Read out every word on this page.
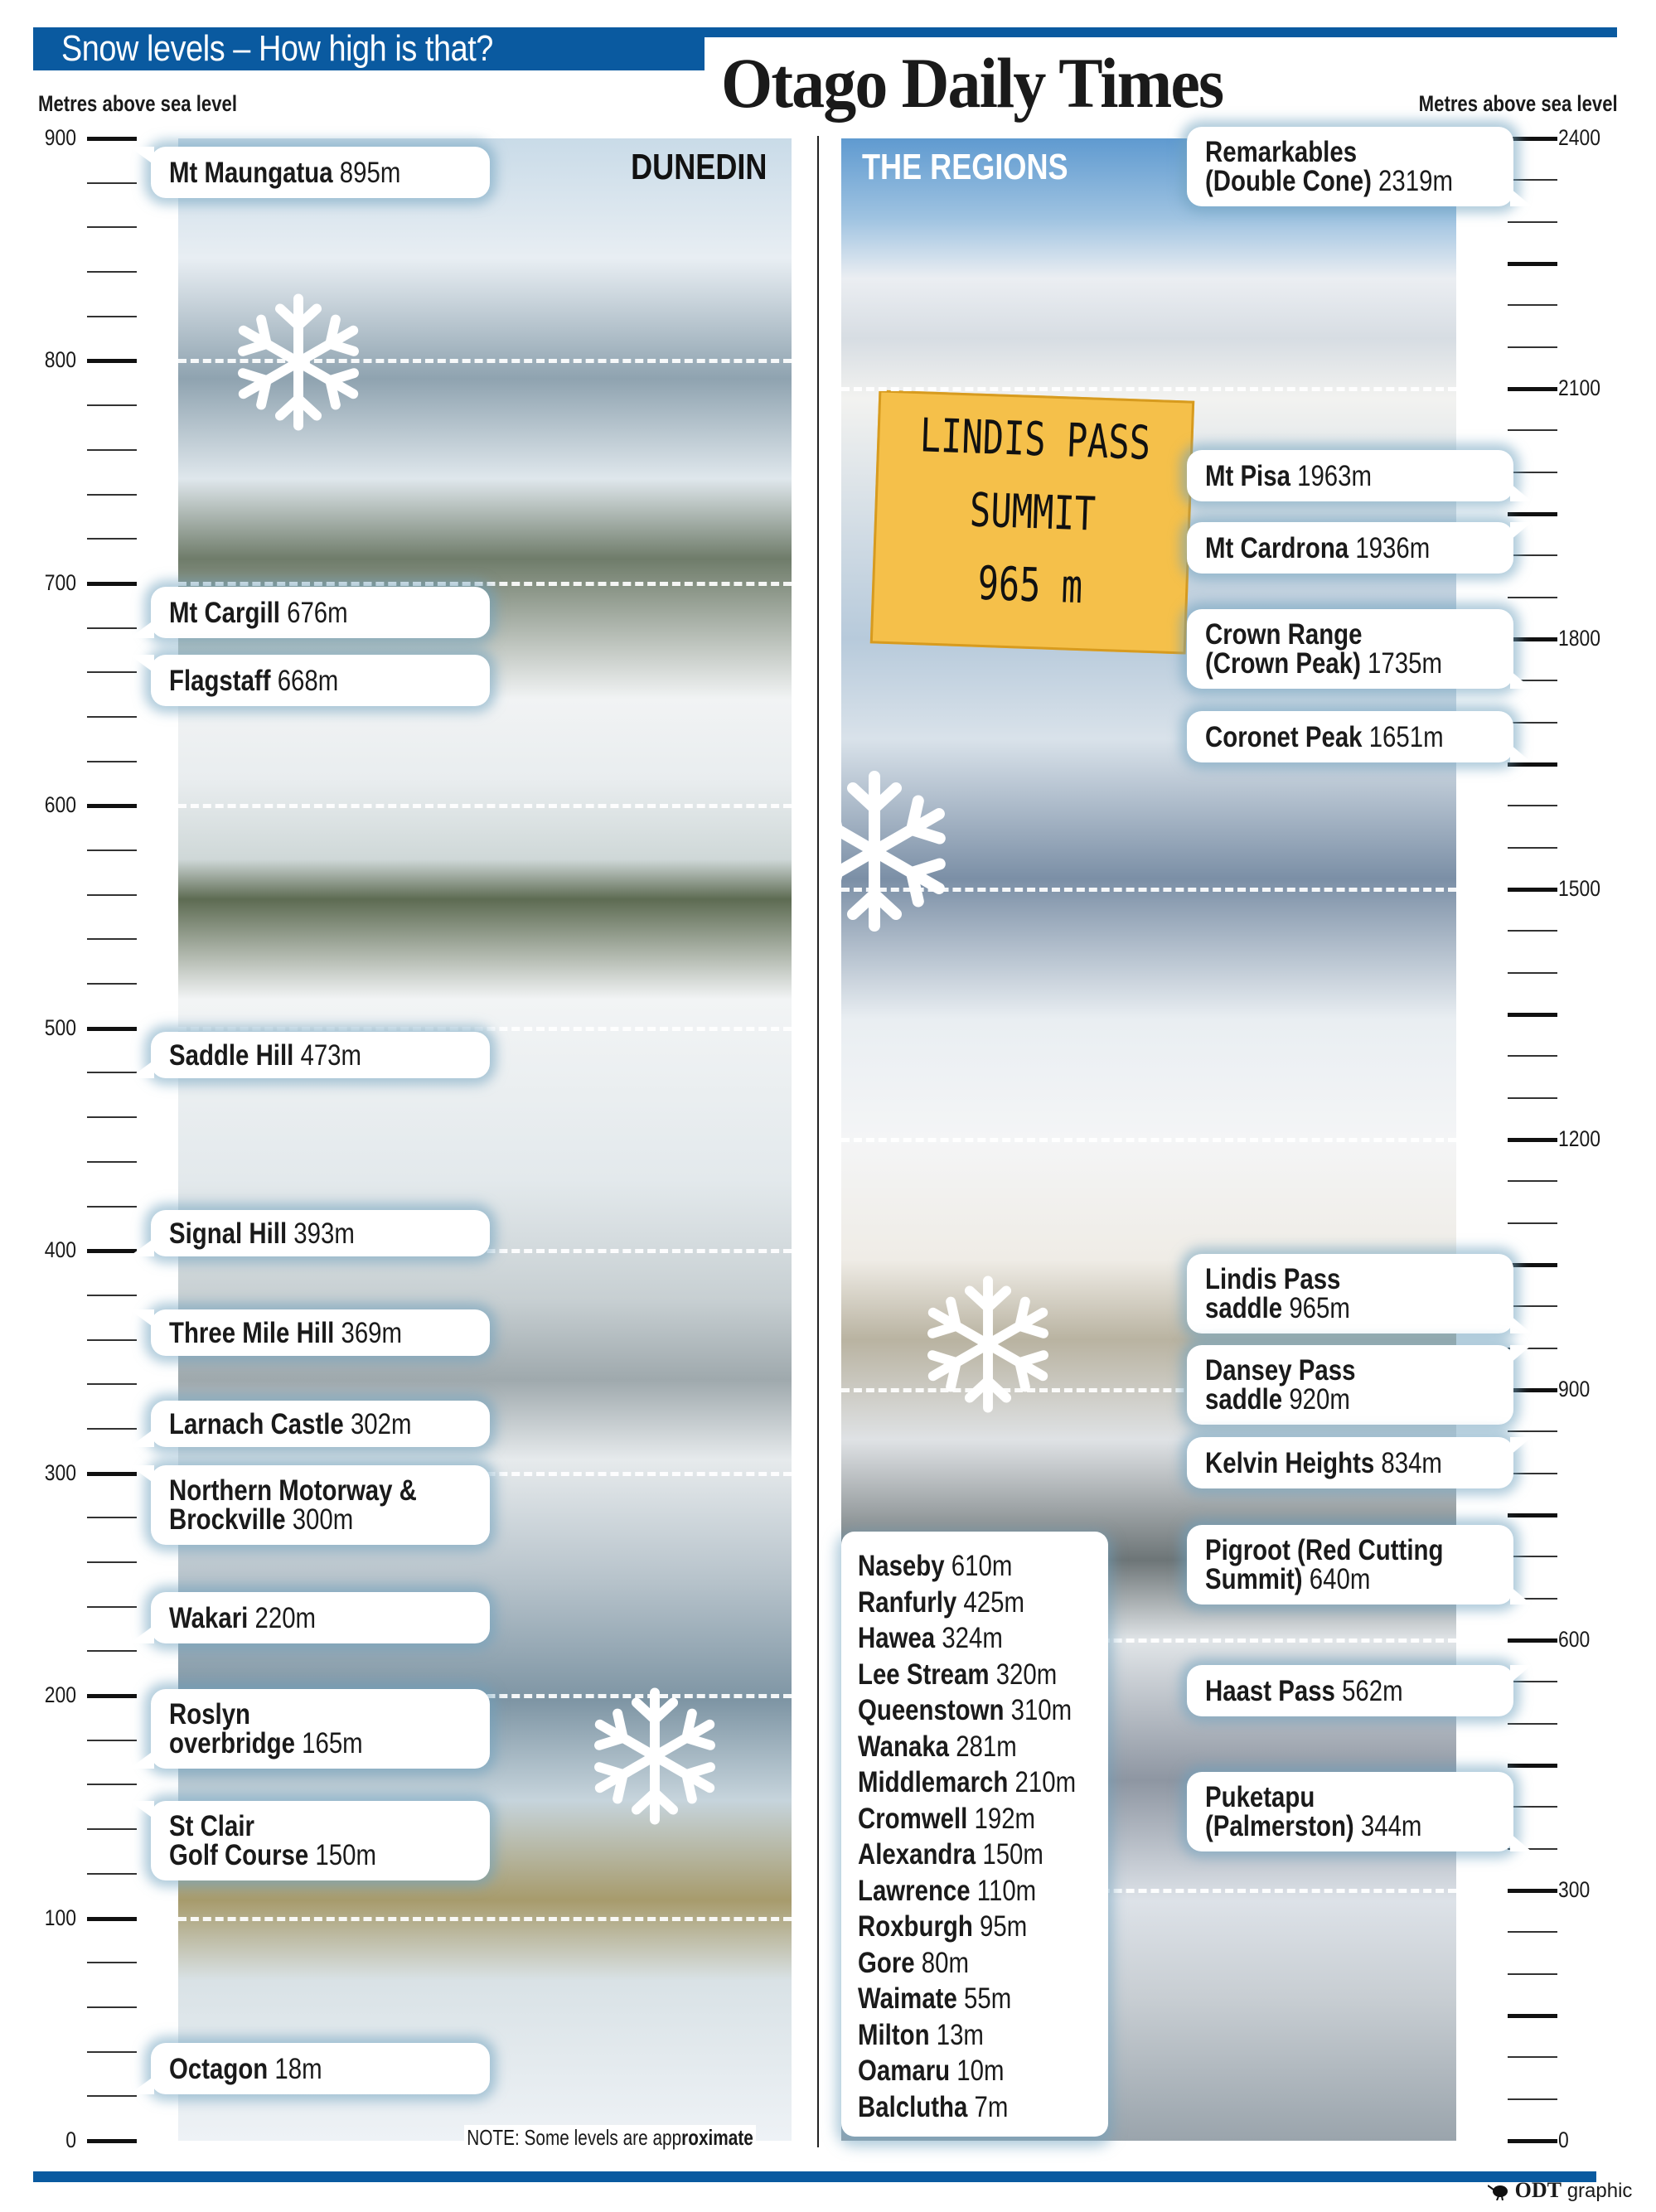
Snow levels – How high is that?	Otago Daily Times
Metres above sea level	Metres above sea level
0
100
200
300
400
500
600
700
800
900
0
300
600
900
1200
1500
1800
2100
2400
DUNEDIN	THE REGIONS
LINDIS PASS
SUMMIT
965 m
Mt Maungatua 895m
Mt Cargill 676m
Flagstaff 668m
Saddle Hill 473m
Signal Hill 393m
Three Mile Hill 369m
Larnach Castle 302m
Northern Motorway &
Brockville 300m
Wakari 220m
Roslyn
overbridge 165m
St Clair
Golf Course 150m
Octagon 18m
Remarkables
(Double Cone) 2319m
Mt Pisa 1963m
Mt Cardrona 1936m
Crown Range
(Crown Peak) 1735m
Coronet Peak 1651m
Lindis Pass
saddle 965m
Dansey Pass
saddle 920m
Kelvin Heights 834m
Pigroot (Red Cutting
Summit) 640m
Haast Pass 562m
Puketapu
(Palmerston) 344m
Naseby 610m
Ranfurly 425m
Hawea 324m
Lee Stream 320m
Queenstown 310m
Wanaka 281m
Middlemarch 210m
Cromwell 192m
Alexandra 150m
Lawrence 110m
Roxburgh 95m
Gore 80m
Waimate 55m
Milton 13m
Oamaru 10m
Balclutha 7m
NOTE: Some levels are approximate
ODT graphic
